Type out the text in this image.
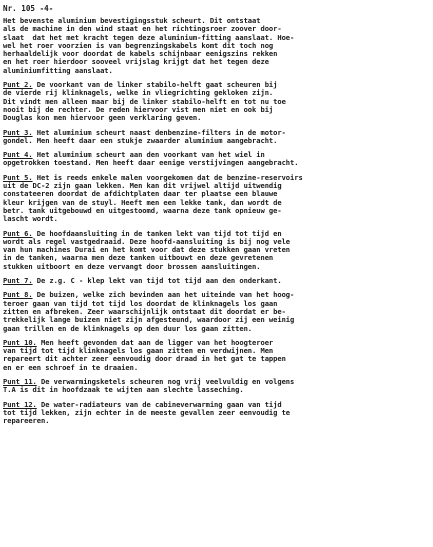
Nr. 105 -4-
Het bevenste aluminium bevestigingsstuk scheurt. Dit ontstaat
als de machine in den wind staat en het richtingsroer zoover door-
slaat  dat het met kracht tegen deze aluminium-fitting aanslaat. Hoe-
wel het roer voorzien is van begrenzingskabels komt dit toch nog
herhaaldelijk voor doordat de kabels schijnbaar eenigszins rekken
en het roer hierdoor sooveel vrijslag krijgt dat het tegen deze
aluminiumfitting aanslaat.
Punt 2. De voorkant van de linker stabilo-helft gaat scheuren bij
de vierde rij klinknagels, welke in vliegrichting gekloken zijn.
Dit vindt men alleen maar bij de linker stabilo-helft en tot nu toe
nooit bij de rechter. De reden hiervoor vist men niet en ook bij
Douglas kon men hiervoor geen verklaring geven.
Punt 3. Het aluminium scheurt naast denbenzine-filters in de motor-
gondel. Men heeft daar een stukje zwaarder aluminium aangebracht.
Punt 4. Het aluminium scheurt aan den voorkant van het wiel in
opgetrokken toestand. Men heeft daar eenige verstijvingen aangebracht.
Punt 5. Het is reeds enkele malen voorgekomen dat de benzine-reservoirs
uit de DC-2 zijn gaan lekken. Men kan dit vrijwel altijd uitwendig
constateeren doordat de afdichtplaten daar ter plaatse een blauwe
kleur krijgen van de stuyl. Heeft men een lekke tank, dan wordt de
betr. tank uitgebouwd en uitgestoomd, waarna deze tank opnieuw ge-
lascht wordt.
Punt 6. De hoofdaansluiting in de tanken lekt van tijd tot tijd en
wordt als regel vastgedraaid. Deze hoofd-aansluiting is bij nog vele
van hun machines Durai en het komt voor dat deze stukken gaan vreten
in de tanken, waarna men deze tanken uitbouwt en deze gevretenen
stukken uitboort en deze vervangt door brossen aansluitingen.
Punt 7. De z.g. C - klep lekt van tijd tot tijd aan den onderkant.
Punt 8. De buizen, welke zich bevinden aan het uiteinde van het hoog-
teroer gaan van tijd tot tijd los doordat de klinknagels los gaan
zitten en afbreken. Zeer waarschijnlijk ontstaat dit doordat er be-
trekkelijk lange buizen niet zijn afgesteund, waardoor zij een weinig
gaan trillen en de klinknagels op den duur los gaan zitten.
Punt 10. Men heeft gevonden dat aan de ligger van het hoogteroer
van tijd tot tijd klinknagels los gaan zitten en verdwijnen. Men
repareert dit achter zeer eenvoudig door draad in het gat te tappen
en er een schroef in te draaien.
Punt 11. De verwarmingsketels scheuren nog vrij veelvuldig en volgens
T.A is dit in hoofdzaak te wijten aan slechte lasseching.
Punt 12. De water-radiateurs van de cabineverwarming gaan van tijd
tot tijd lekken, zijn echter in de meeste gevallen zeer eenvoudig te
repareeren.
